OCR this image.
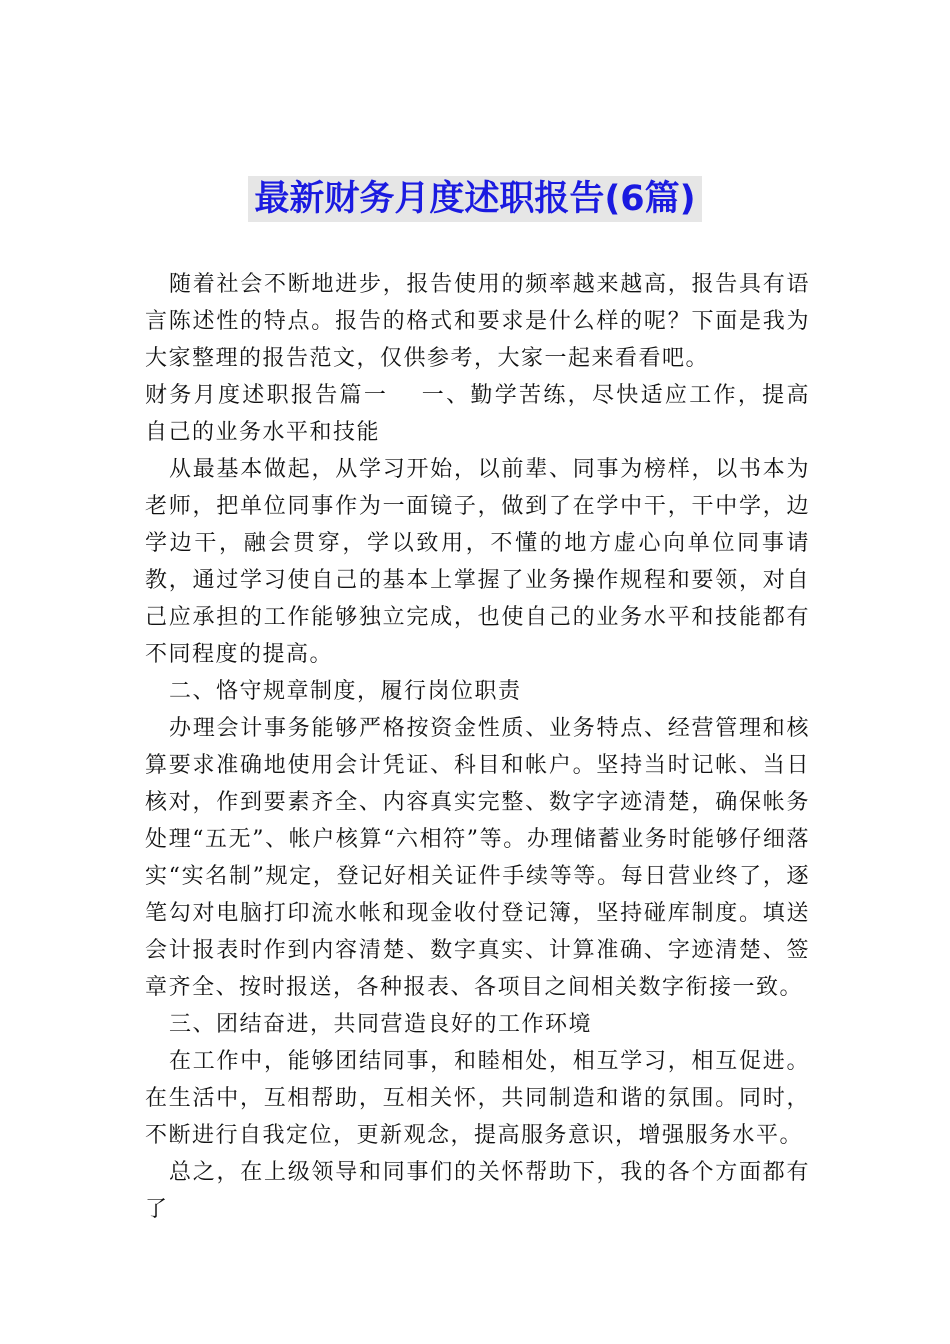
最新财务月度述职报告(6篇)

随着社会不断地进步，报告使用的频率越来越高，报告具有语言陈述性的特点。报告的格式和要求是什么样的呢？下面是我为大家整理的报告范文，仅供参考，大家一起来看看吧。

财务月度述职报告篇一　 一、勤学苦练，尽快适应工作，提高自己的业务水平和技能

从最基本做起，从学习开始，以前辈、同事为榜样，以书本为老师，把单位同事作为一面镜子，做到了在学中干，干中学，边学边干，融会贯穿，学以致用，不懂的地方虚心向单位同事请教，通过学习使自己的基本上掌握了业务操作规程和要领，对自己应承担的工作能够独立完成，也使自己的业务水平和技能都有不同程度的提高。

二、恪守规章制度，履行岗位职责

办理会计事务能够严格按资金性质、业务特点、经营管理和核算要求准确地使用会计凭证、科目和帐户。坚持当时记帐、当日核对，作到要素齐全、内容真实完整、数字字迹清楚，确保帐务处理“五无”、帐户核算“六相符”等。办理储蓄业务时能够仔细落实“实名制”规定，登记好相关证件手续等等。每日营业终了，逐笔勾对电脑打印流水帐和现金收付登记簿，坚持碰库制度。填送会计报表时作到内容清楚、数字真实、计算准确、字迹清楚、签章齐全、按时报送，各种报表、各项目之间相关数字衔接一致。

三、团结奋进，共同营造良好的工作环境

在工作中，能够团结同事，和睦相处，相互学习，相互促进。在生活中，互相帮助，互相关怀，共同制造和谐的氛围。同时，不断进行自我定位，更新观念，提高服务意识，增强服务水平。

总之，在上级领导和同事们的关怀帮助下，我的各个方面都有了
